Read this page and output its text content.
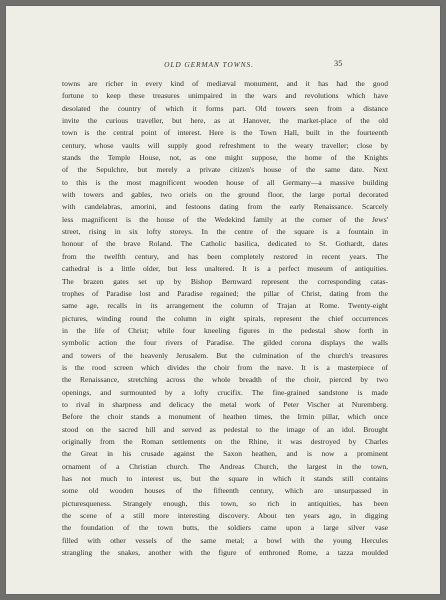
OLD GERMAN TOWNS.	35
towns are richer in every kind of mediæval monument, and it has had the good
fortune to keep these treasures unimpaired in the wars and revolutions which have
desolated the country of which it forms part. Old towers seen from a distance
invite the curious traveller, but here, as at Hanover, the market-place of the old
town is the central point of interest. Here is the Town Hall, built in the fourteenth
century, whose vaults will supply good refreshment to the weary traveller; close by
stands the Temple House, not, as one might suppose, the home of the Knights
of the Sepulchre, but merely a private citizen's house of the same date. Next
to this is the most magnificent wooden house of all Germany—a massive building
with towers and gables, two oriels on the ground floor, the large portal decorated
with candelabras, amorini, and festoons dating from the early Renaissance. Scarcely
less magnificent is the house of the Wedekind family at the corner of the Jews'
street, rising in six lofty storeys. In the centre of the square is a fountain in
honour of the brave Roland. The Catholic basilica, dedicated to St. Gothardt, dates
from the twelfth century, and has been completely restored in recent years. The
cathedral is a little older, but less unaltered. It is a perfect museum of antiquities.
The brazen gates set up by Bishop Bernward represent the corresponding catas-
trophes of Paradise lost and Paradise regained; the pillar of Christ, dating from the
same age, recalls in its arrangement the column of Trajan at Rome. Twenty-eight
pictures, winding round the column in eight spirals, represent the chief occurrences
in the life of Christ; while four kneeling figures in the pedestal show forth in
symbolic action the four rivers of Paradise. The gilded corona displays the walls
and towers of the heavenly Jerusalem. But the culmination of the church's treasures
is the rood screen which divides the choir from the nave. It is a masterpiece of
the Renaissance, stretching across the whole breadth of the choir, pierced by two
openings, and surmounted by a lofty crucifix. The fine-grained sandstone is made
to rival in sharpness and delicacy the metal work of Peter Vischer at Nuremberg.
Before the choir stands a monument of heathen times, the Irmin pillar, which once
stood on the sacred hill and served as pedestal to the image of an idol. Brought
originally from the Roman settlements on the Rhine, it was destroyed by Charles
the Great in his crusade against the Saxon heathen, and is now a prominent
ornament of a Christian church. The Andreas Church, the largest in the town,
has not much to interest us, but the square in which it stands still contains
some old wooden houses of the fifteenth century, which are unsurpassed in
picturesqueness. Strangely enough, this town, so rich in antiquities, has been
the scene of a still more interesting discovery. About ten years ago, in digging
the foundation of the town butts, the soldiers came upon a large silver vase
filled with other vessels of the same metal; a bowl with the young Hercules
strangling the snakes, another with the figure of enthroned Rome, a tazza moulded
